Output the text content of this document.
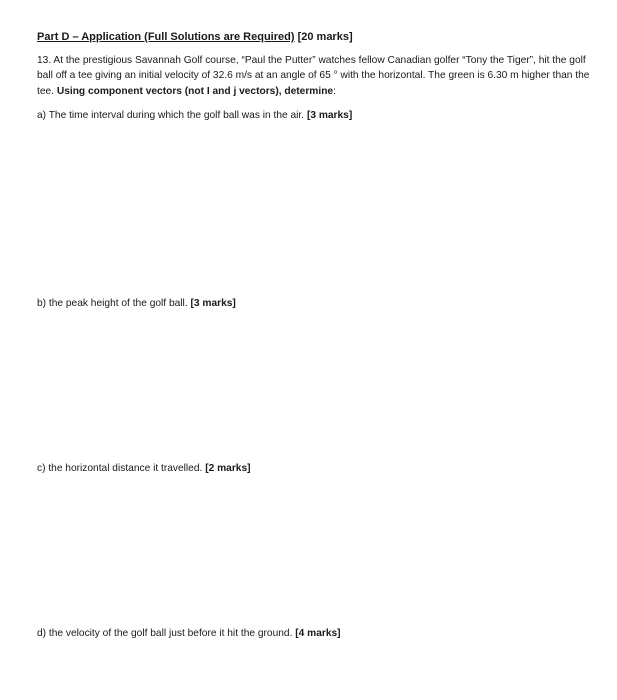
Part D – Application (Full Solutions are Required) [20 marks]
13. At the prestigious Savannah Golf course, “Paul the Putter” watches fellow Canadian golfer “Tony the Tiger”, hit the golf ball off a tee giving an initial velocity of 32.6 m/s at an angle of 65 ° with the horizontal. The green is 6.30 m higher than the tee. Using component vectors (not I and j vectors), determine:
a) The time interval during which the golf ball was in the air. [3 marks]
b) the peak height of the golf ball. [3 marks]
c) the horizontal distance it travelled. [2 marks]
d) the velocity of the golf ball just before it hit the ground. [4 marks]
